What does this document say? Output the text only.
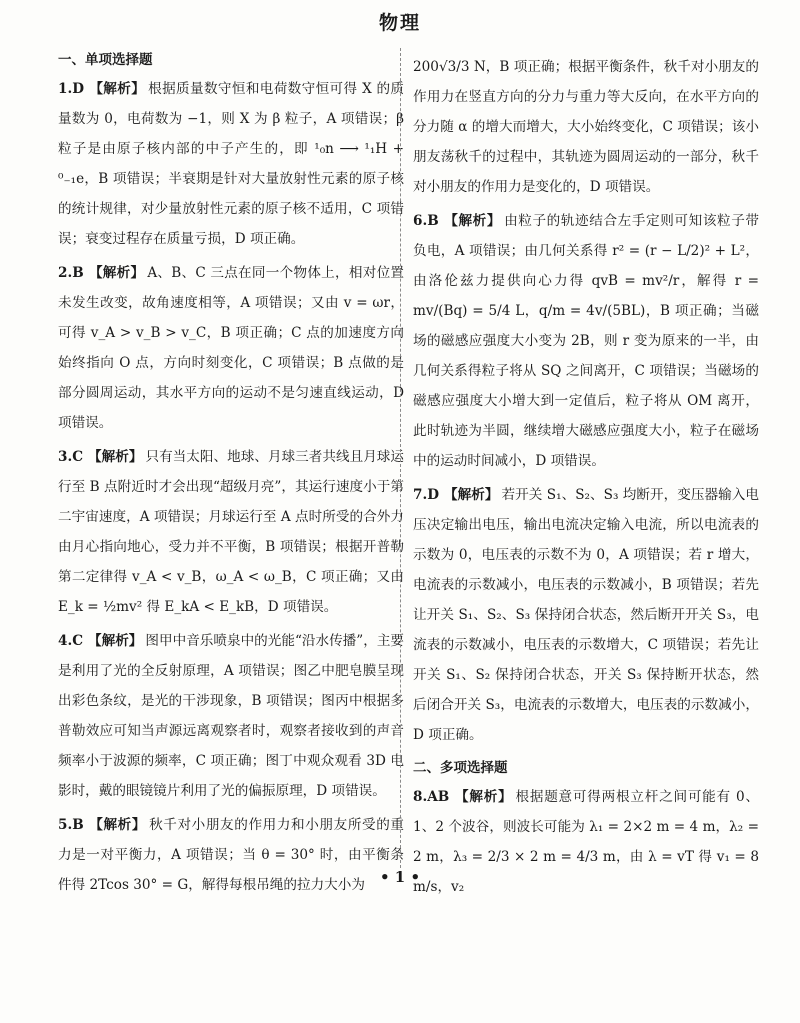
物理

一、单项选择题

1.D 【解析】 根据质量数守恒和电荷数守恒可得 X 的质量数为 0，电荷数为 −1，则 X 为 β 粒子，A 项错误；β 粒子是由原子核内部的中子产生的，即 ¹₀n ⟶ ¹₁H + ⁰₋₁e，B 项错误；半衰期是针对大量放射性元素的原子核的统计规律，对少量放射性元素的原子核不适用，C 项错误；衰变过程存在质量亏损，D 项正确。

2.B 【解析】 A、B、C 三点在同一个物体上，相对位置未发生改变，故角速度相等，A 项错误；又由 v = ωr，可得 v_A > v_B > v_C，B 项正确；C 点的加速度方向始终指向 O 点，方向时刻变化，C 项错误；B 点做的是部分圆周运动，其水平方向的运动不是匀速直线运动，D 项错误。

3.C 【解析】 只有当太阳、地球、月球三者共线且月球运行至 B 点附近时才会出现“超级月亮”，其运行速度小于第二宇宙速度，A 项错误；月球运行至 A 点时所受的合外力由月心指向地心，受力并不平衡，B 项错误；根据开普勒第二定律得 v_A < v_B，ω_A < ω_B，C 项正确；又由 E_k = ½mv² 得 E_kA < E_kB，D 项错误。

4.C 【解析】 图甲中音乐喷泉中的光能“沿水传播”，主要是利用了光的全反射原理，A 项错误；图乙中肥皂膜呈现出彩色条纹，是光的干涉现象，B 项错误；图丙中根据多普勒效应可知当声源远离观察者时，观察者接收到的声音频率小于波源的频率，C 项正确；图丁中观众观看 3D 电影时，戴的眼镜镜片利用了光的偏振原理，D 项错误。

5.B 【解析】 秋千对小朋友的作用力和小朋友所受的重力是一对平衡力，A 项错误；当 θ = 30° 时，由平衡条件得 2Tcos 30° = G，解得每根吊绳的拉力大小为

200√3/3 N，B 项正确；根据平衡条件，秋千对小朋友的作用力在竖直方向的分力与重力等大反向，在水平方向的分力随 α 的增大而增大，大小始终变化，C 项错误；该小朋友荡秋千的过程中，其轨迹为圆周运动的一部分，秋千对小朋友的作用力是变化的，D 项错误。

6.B 【解析】 由粒子的轨迹结合左手定则可知该粒子带负电，A 项错误；由几何关系得 r² = (r − L/2)² + L²，由洛伦兹力提供向心力得 qvB = mv²/r，解得 r = mv/(Bq) = 5/4 L，q/m = 4v/(5BL)，B 项正确；当磁场的磁感应强度大小变为 2B，则 r 变为原来的一半，由几何关系得粒子将从 SQ 之间离开，C 项错误；当磁场的磁感应强度大小增大到一定值后，粒子将从 OM 离开，此时轨迹为半圆，继续增大磁感应强度大小，粒子在磁场中的运动时间减小，D 项错误。

7.D 【解析】 若开关 S₁、S₂、S₃ 均断开，变压器输入电压决定输出电压，输出电流决定输入电流，所以电流表的示数为 0，电压表的示数不为 0，A 项错误；若 r 增大，电流表的示数减小，电压表的示数减小，B 项错误；若先让开关 S₁、S₂、S₃ 保持闭合状态，然后断开开关 S₃，电流表的示数减小，电压表的示数增大，C 项错误；若先让开关 S₁、S₂ 保持闭合状态，开关 S₃ 保持断开状态，然后闭合开关 S₃，电流表的示数增大，电压表的示数减小，D 项正确。

二、多项选择题

8.AB 【解析】 根据题意可得两根立杆之间可能有 0、1、2 个波谷，则波长可能为 λ₁ = 2×2 m = 4 m，λ₂ = 2 m，λ₃ = 2/3 × 2 m = 4/3 m，由 λ = vT 得 v₁ = 8 m/s，v₂

• 1 •
